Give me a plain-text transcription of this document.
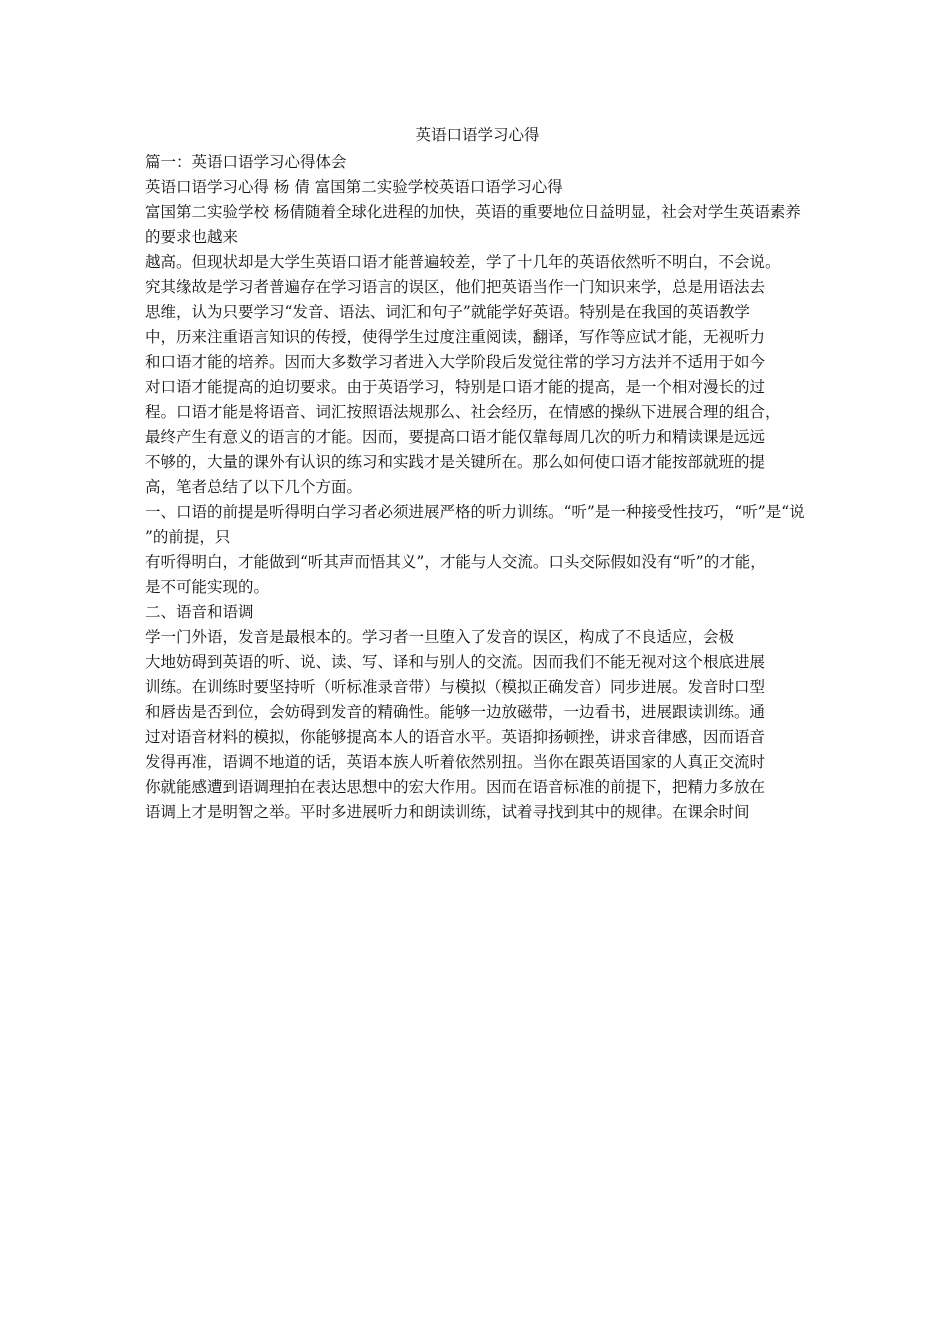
英语口语学习心得

篇一：英语口语学习心得体会

英语口语学习心得 杨 倩 富国第二实验学校英语口语学习心得

富国第二实验学校 杨倩随着全球化进程的加快，英语的重要地位日益明显，社会对学生英语素养的要求也越来

越高。但现状却是大学生英语口语才能普遍较差，学了十几年的英语依然听不明白，不会说。

究其缘故是学习者普遍存在学习语言的误区，他们把英语当作一门知识来学，总是用语法去

思维，认为只要学习“发音、语法、词汇和句子”就能学好英语。特别是在我国的英语教学

中，历来注重语言知识的传授，使得学生过度注重阅读，翻译，写作等应试才能，无视听力

和口语才能的培养。因而大多数学习者进入大学阶段后发觉往常的学习方法并不适用于如今

对口语才能提高的迫切要求。由于英语学习，特别是口语才能的提高，是一个相对漫长的过

程。口语才能是将语音、词汇按照语法规那么、社会经历，在情感的操纵下进展合理的组合，

最终产生有意义的语言的才能。因而，要提高口语才能仅靠每周几次的听力和精读课是远远

不够的，大量的课外有认识的练习和实践才是关键所在。那么如何使口语才能按部就班的提

高，笔者总结了以下几个方面。

一、口语的前提是听得明白学习者必须进展严格的听力训练。“听”是一种接受性技巧，“听”是“说”的前提，只

有听得明白，才能做到“听其声而悟其义”，才能与人交流。口头交际假如没有“听”的才能，

是不可能实现的。

二、语音和语调

学一门外语，发音是最根本的。学习者一旦堕入了发音的误区，构成了不良适应，会极

大地妨碍到英语的听、说、读、写、译和与别人的交流。因而我们不能无视对这个根底进展

训练。在训练时要坚持听（听标准录音带）与模拟（模拟正确发音）同步进展。发音时口型

和唇齿是否到位，会妨碍到发音的精确性。能够一边放磁带，一边看书，进展跟读训练。通

过对语音材料的模拟，你能够提高本人的语音水平。英语抑扬顿挫，讲求音律感，因而语音

发得再准，语调不地道的话，英语本族人听着依然别扭。当你在跟英语国家的人真正交流时

你就能感遭到语调理拍在表达思想中的宏大作用。因而在语音标准的前提下，把精力多放在

语调上才是明智之举。平时多进展听力和朗读训练，试着寻找到其中的规律。在课余时间
